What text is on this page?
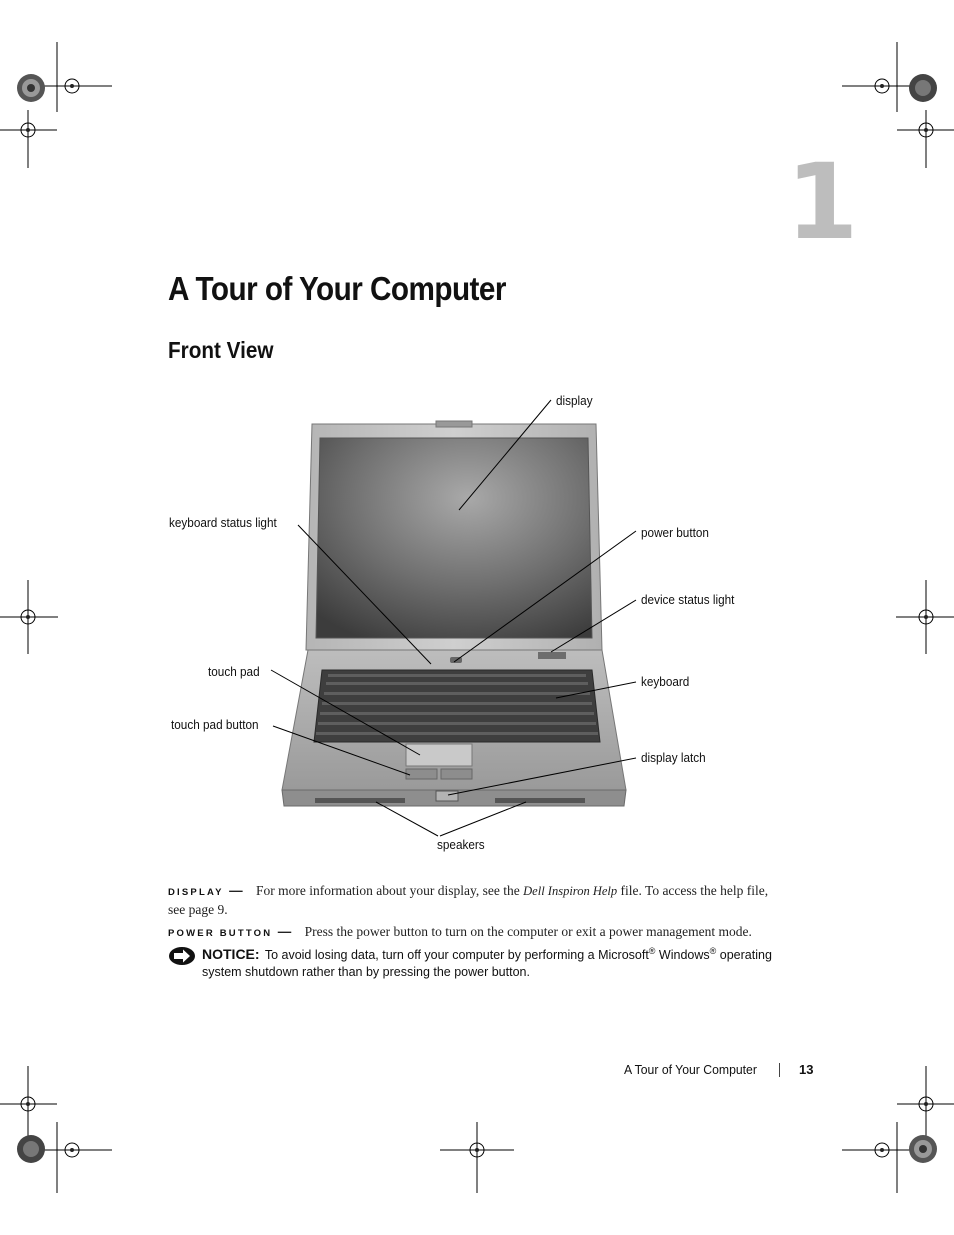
1
A Tour of Your Computer
Front View
display
keyboard status light
power button
device status light
touch pad
keyboard
touch pad button
display latch
speakers
DISPLAY — For more information about your display, see the Dell Inspiron Help file. To access the help file, see page 9.
POWER BUTTON — Press the power button to turn on the computer or exit a power management mode.
NOTICE: To avoid losing data, turn off your computer by performing a Microsoft® Windows® operating system shutdown rather than by pressing the power button.
A Tour of Your Computer	13
